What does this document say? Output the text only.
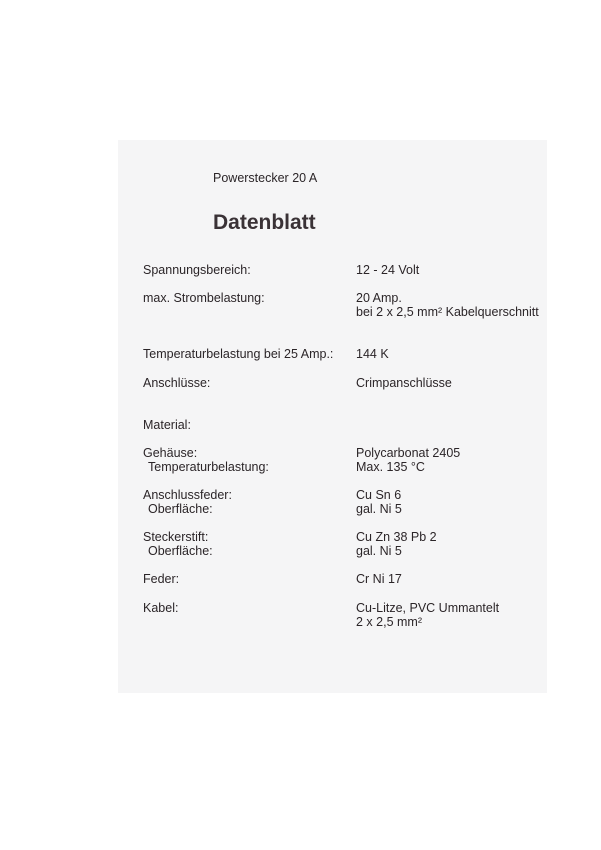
Powerstecker 20 A
Datenblatt
Spannungsbereich:	12 - 24 Volt
max. Strombelastung:	20 Amp.
bei 2 x 2,5 mm² Kabelquerschnitt
Temperaturbelastung bei 25 Amp.: 144 K
Anschlüsse:	Crimpanschlüsse
Material:
Gehäuse:	Polycarbonat 2405
Temperaturbelastung:	Max. 135 °C
Anschlussfeder:	Cu Sn 6
Oberfläche:	gal. Ni 5
Steckerstift:	Cu Zn 38 Pb 2
Oberfläche:	gal. Ni 5
Feder:	Cr Ni 17
Kabel:	Cu-Litze, PVC Ummantelt
2 x 2,5 mm²
